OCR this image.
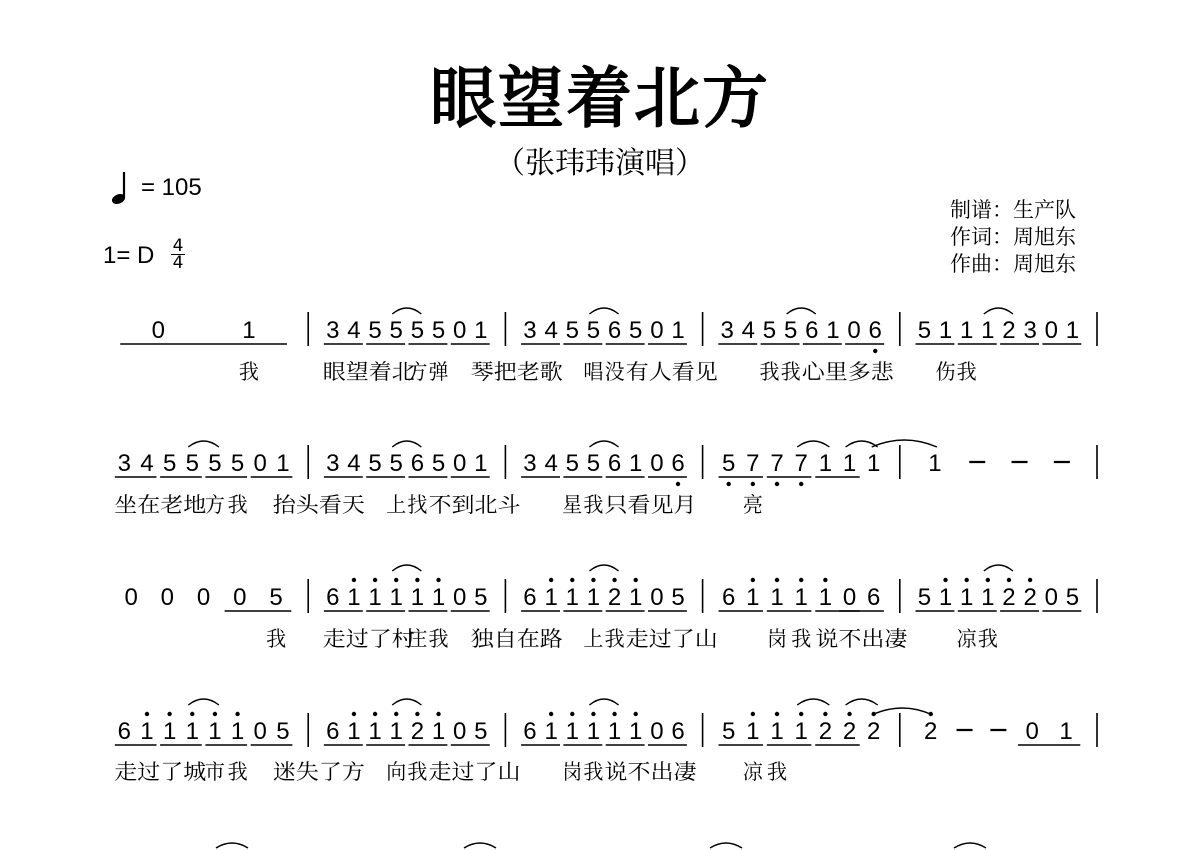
眼望着北方
（张玮玮演唱）
= 105
1= D 4
4
制谱：生产队
作词：周旭东
作曲：周旭东
0	1	3 4 5 5 5 5 0 1 3 4 5 5 6 5 0 1 3 4 5 5 6 1 0 6 5 1 1 1 2 3 0 1
我	眼望着北
方 弹 琴把老歌 唱 没 有人看见 我 我 心里多悲 伤 我
3 4 5 5 5 5 0 1 3 4 5 5 6 5 0 1 3 4 5 5 6 1 0 6 5 7 7 7 1 1 1 1
坐在老地
方 我 抬头看天 上 找 不到北斗 星 我 只看见月 亮
0 0 0 0 5 6 1 1 1 1 1 0 5 6 1 1 1 2 1 0 5 6 1 1 1 1 0 6 5 1 1 1 2 2 0 5
我 走过了村
庄 我 独自在路 上 我 走过了山 岗 我 说不出凄 凉 我
6 1 1 1 1 1 0 5 6 1 1 1 2 1 0 5 6 1 1 1 1 1 0 6 5 1 1 1 2 2 2 2	0 1
走过了城
市 我 迷失了方 向 我 走过了山 岗 我 说不出凄 凉 我
